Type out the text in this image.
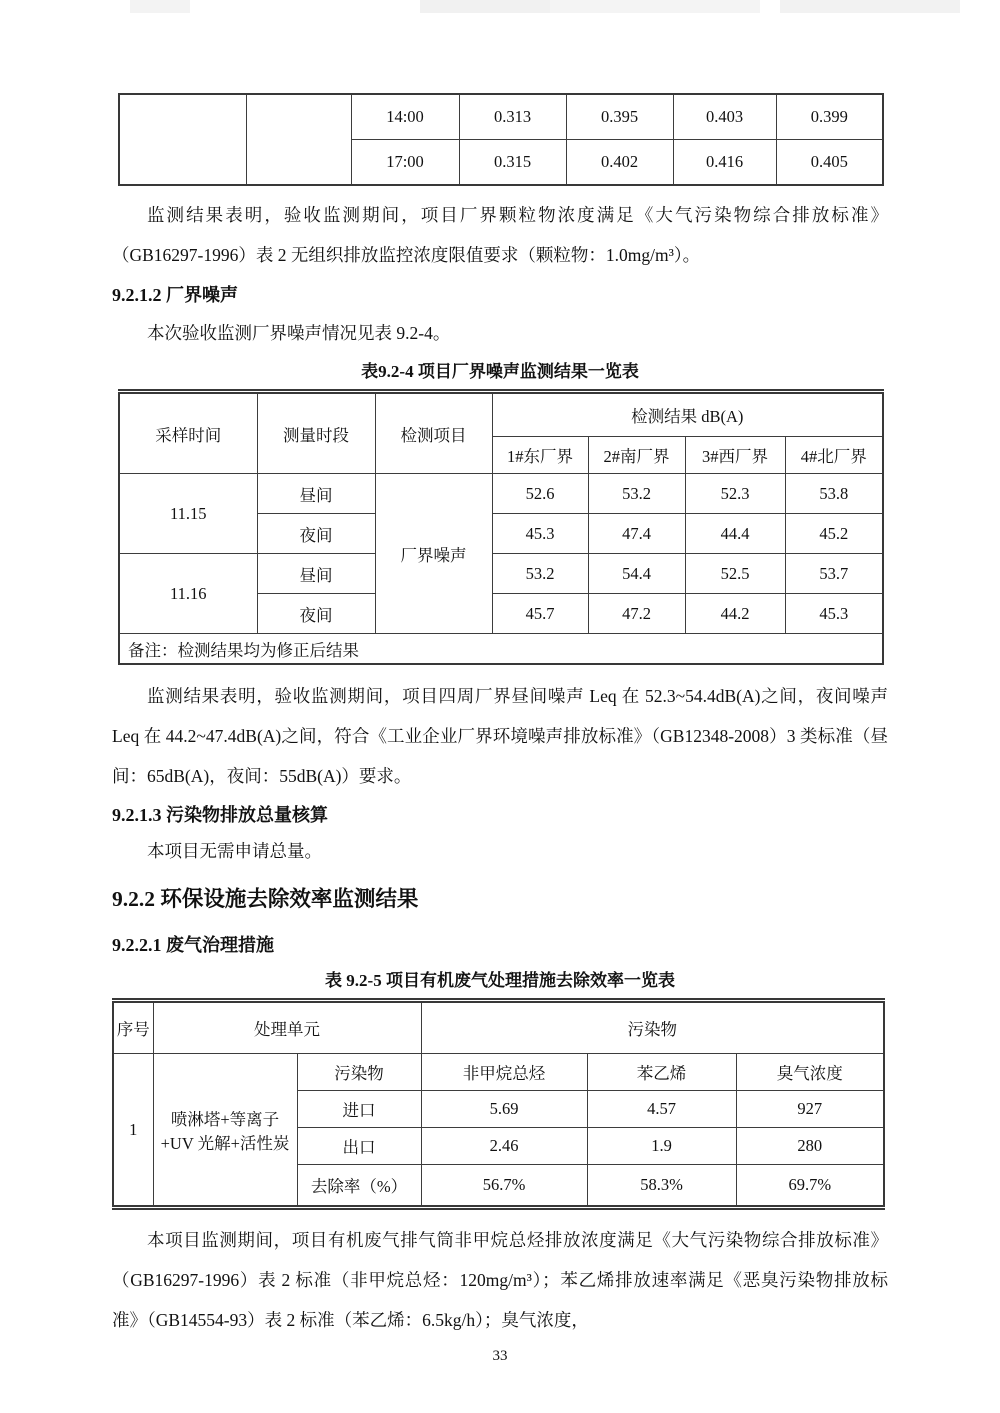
		14:00	0.313	0.395	0.403	0.399
		17:00	0.315	0.402	0.416	0.405

监测结果表明，验收监测期间，项目厂界颗粒物浓度满足《大气污染物综合排放标准》（GB16297-1996）表 2 无组织排放监控浓度限值要求（颗粒物：1.0mg/m³）。

9.2.1.2 厂界噪声

本次验收监测厂界噪声情况见表 9.2-4。

表9.2-4 项目厂界噪声监测结果一览表

采样时间	测量时段	检测项目	检测结果 dB(A)			
			1#东厂界	2#南厂界	3#西厂界	4#北厂界
11.15	昼间	厂界噪声	52.6	53.2	52.3	53.8
	夜间		45.3	47.4	44.4	45.2
11.16	昼间		53.2	54.4	52.5	53.7
	夜间		45.7	47.2	44.2	45.3
备注：检测结果均为修正后结果						

监测结果表明，验收监测期间，项目四周厂界昼间噪声 Leq 在 52.3~54.4dB(A)之间，夜间噪声 Leq 在 44.2~47.4dB(A)之间，符合《工业企业厂界环境噪声排放标准》（GB12348-2008）3 类标准（昼间：65dB(A)，夜间：55dB(A)）要求。

9.2.1.3 污染物排放总量核算

本项目无需申请总量。

9.2.2 环保设施去除效率监测结果

9.2.2.1 废气治理措施

表 9.2-5 项目有机废气处理措施去除效率一览表

序号	处理单元		污染物		
1	喷淋塔+等离子+UV 光解+活性炭	污染物	非甲烷总烃	苯乙烯	臭气浓度
		进口	5.69	4.57	927
		出口	2.46	1.9	280
		去除率（%）	56.7%	58.3%	69.7%

本项目监测期间，项目有机废气排气筒非甲烷总烃排放浓度满足《大气污染物综合排放标准》（GB16297-1996）表 2 标准（非甲烷总烃：120mg/m³）；苯乙烯排放速率满足《恶臭污染物排放标准》（GB14554-93）表 2 标准（苯乙烯：6.5kg/h）；臭气浓度，

33
